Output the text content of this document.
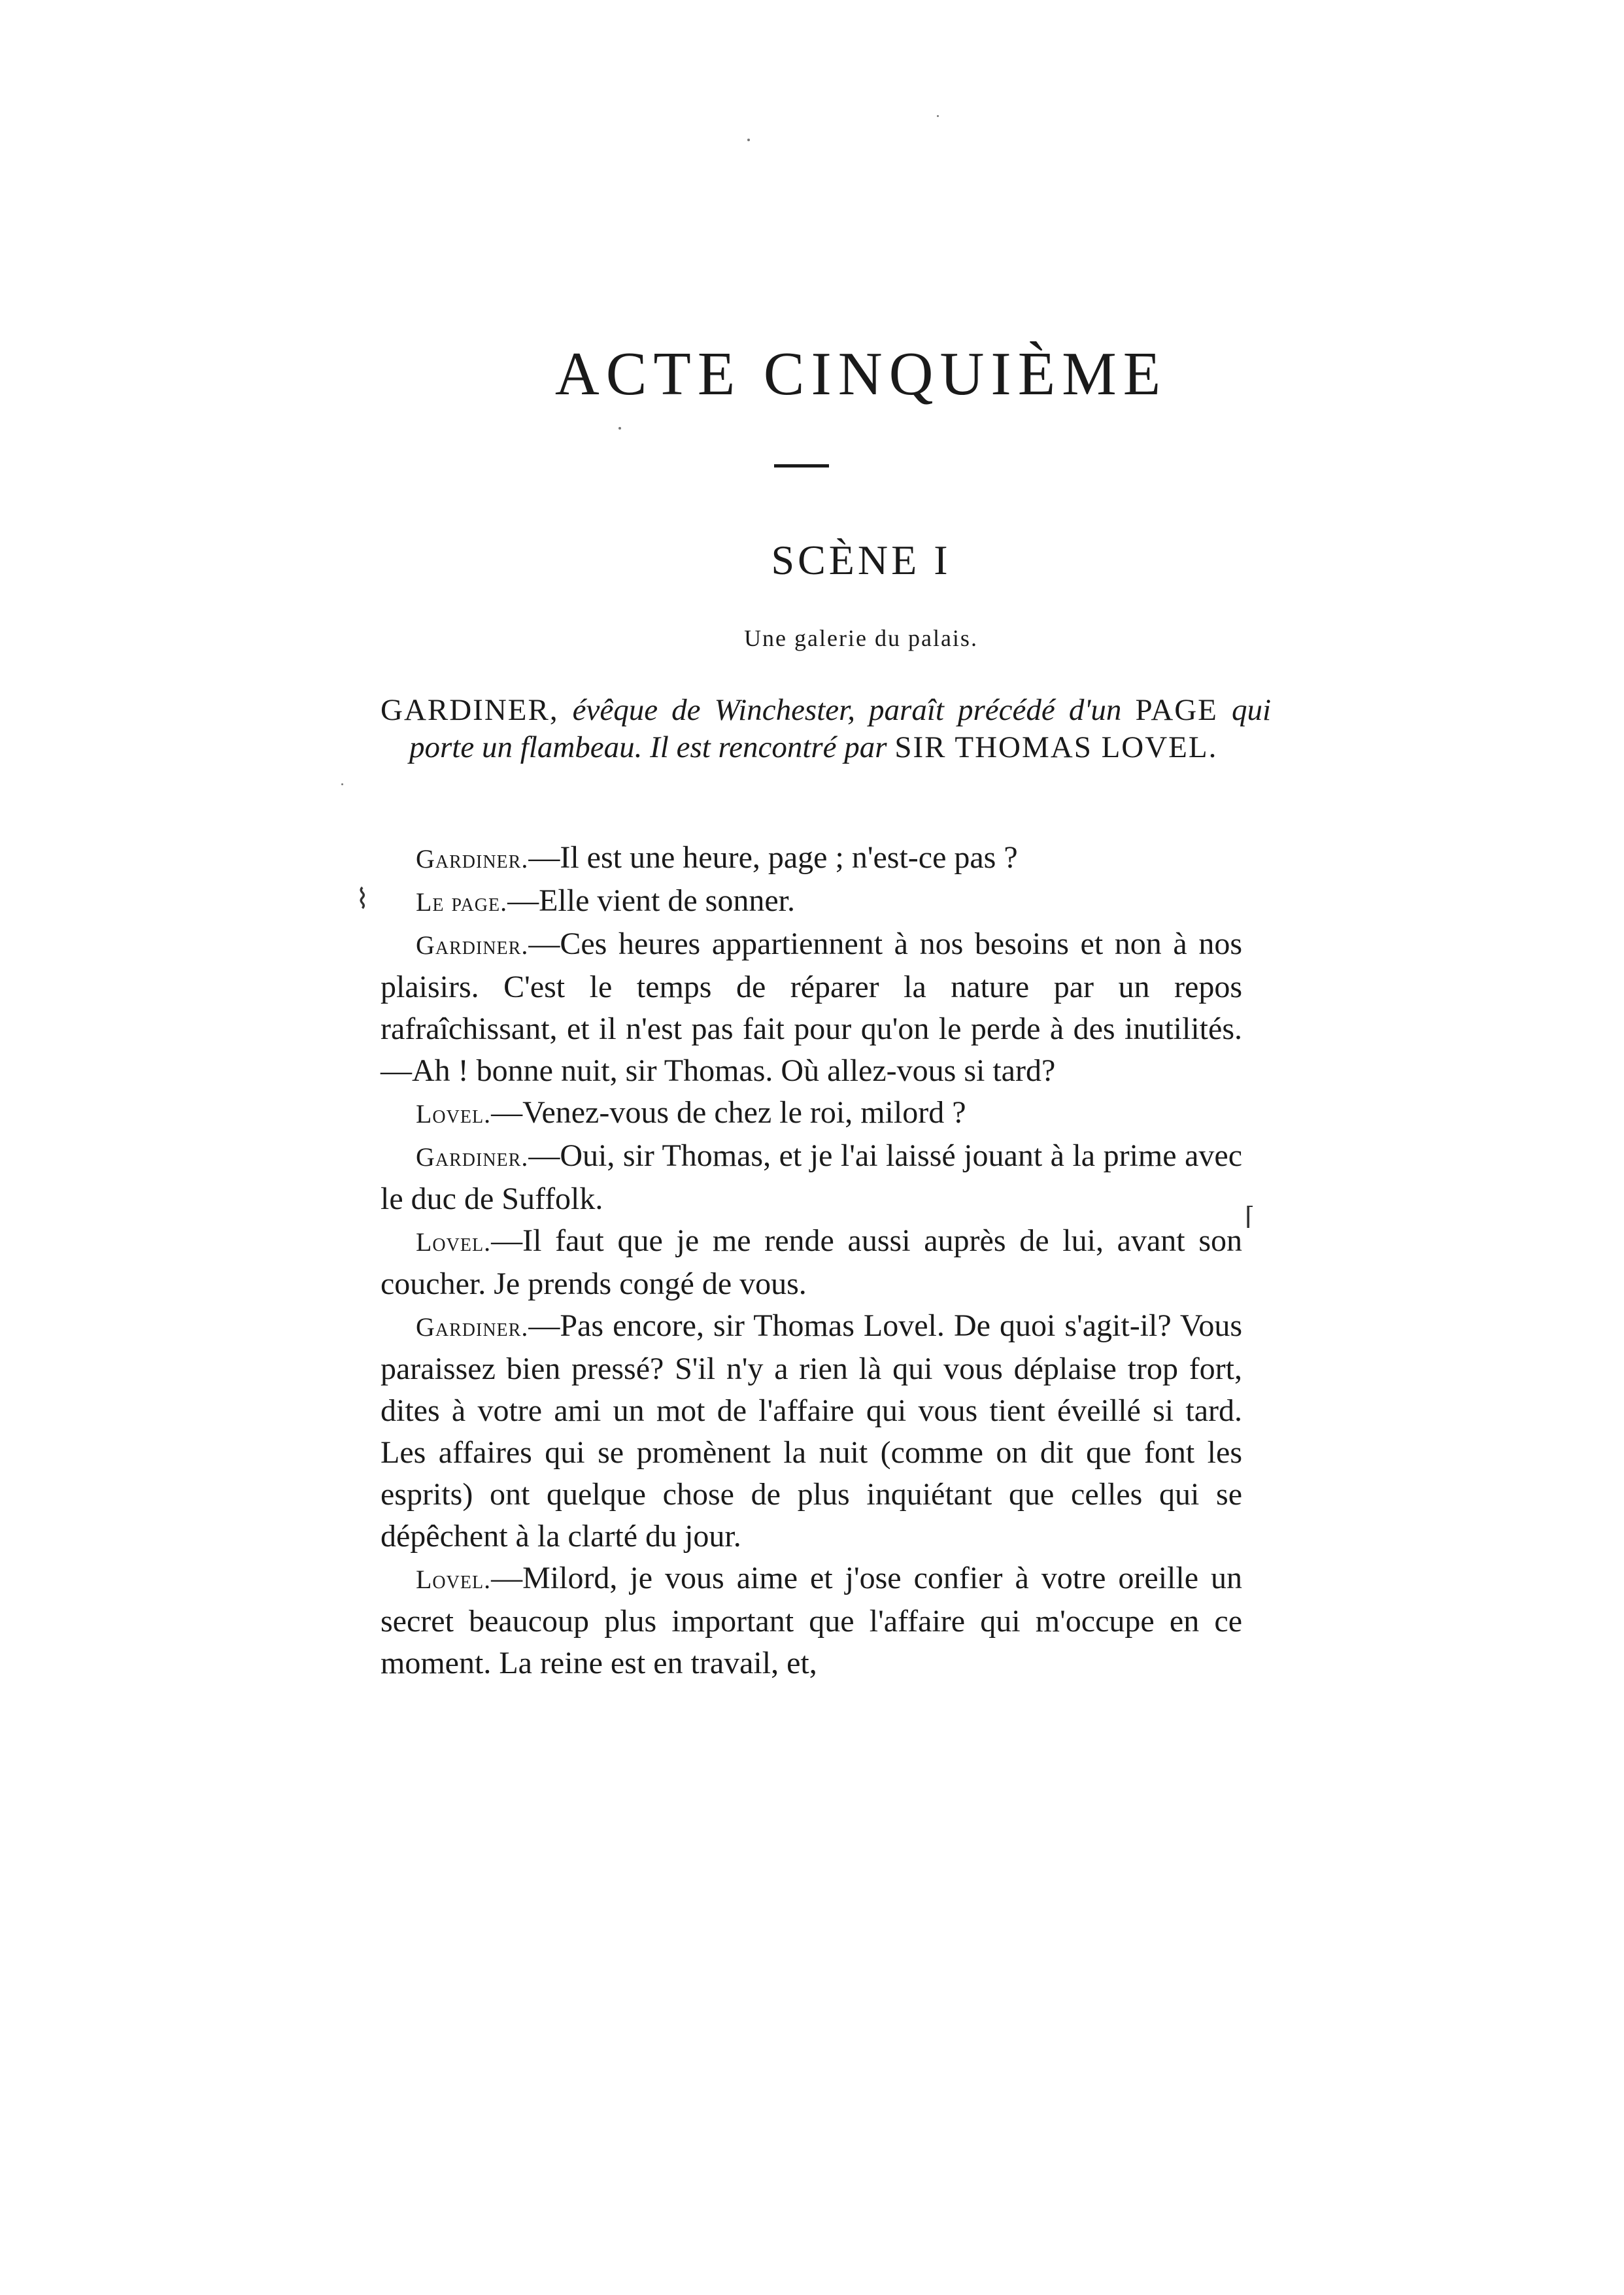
ACTE CINQUIÈME
SCÈNE I
Une galerie du palais.
GARDINER, évêque de Winchester, paraît précédé d'un PAGE qui porte un flambeau. Il est rencontré par SIR THOMAS LOVEL.

Gardiner.—Il est une heure, page ; n'est-ce pas ?

Le page.—Elle vient de sonner.

Gardiner.—Ces heures appartiennent à nos besoins et non à nos plaisirs. C'est le temps de réparer la nature par un repos rafraîchissant, et il n'est pas fait pour qu'on le perde à des inutilités.—Ah ! bonne nuit, sir Thomas. Où allez-vous si tard?

Lovel.—Venez-vous de chez le roi, milord ?

Gardiner.—Oui, sir Thomas, et je l'ai laissé jouant à la prime avec le duc de Suffolk.

Lovel.—Il faut que je me rende aussi auprès de lui, avant son coucher. Je prends congé de vous.

Gardiner.—Pas encore, sir Thomas Lovel. De quoi s'agit-il? Vous paraissez bien pressé? S'il n'y a rien là qui vous déplaise trop fort, dites à votre ami un mot de l'affaire qui vous tient éveillé si tard. Les affaires qui se promènent la nuit (comme on dit que font les esprits) ont quelque chose de plus inquiétant que celles qui se dépêchent à la clarté du jour.

Lovel.—Milord, je vous aime et j'ose confier à votre oreille un secret beaucoup plus important que l'affaire qui m'occupe en ce moment. La reine est en travail, et,

⌇
⌈
